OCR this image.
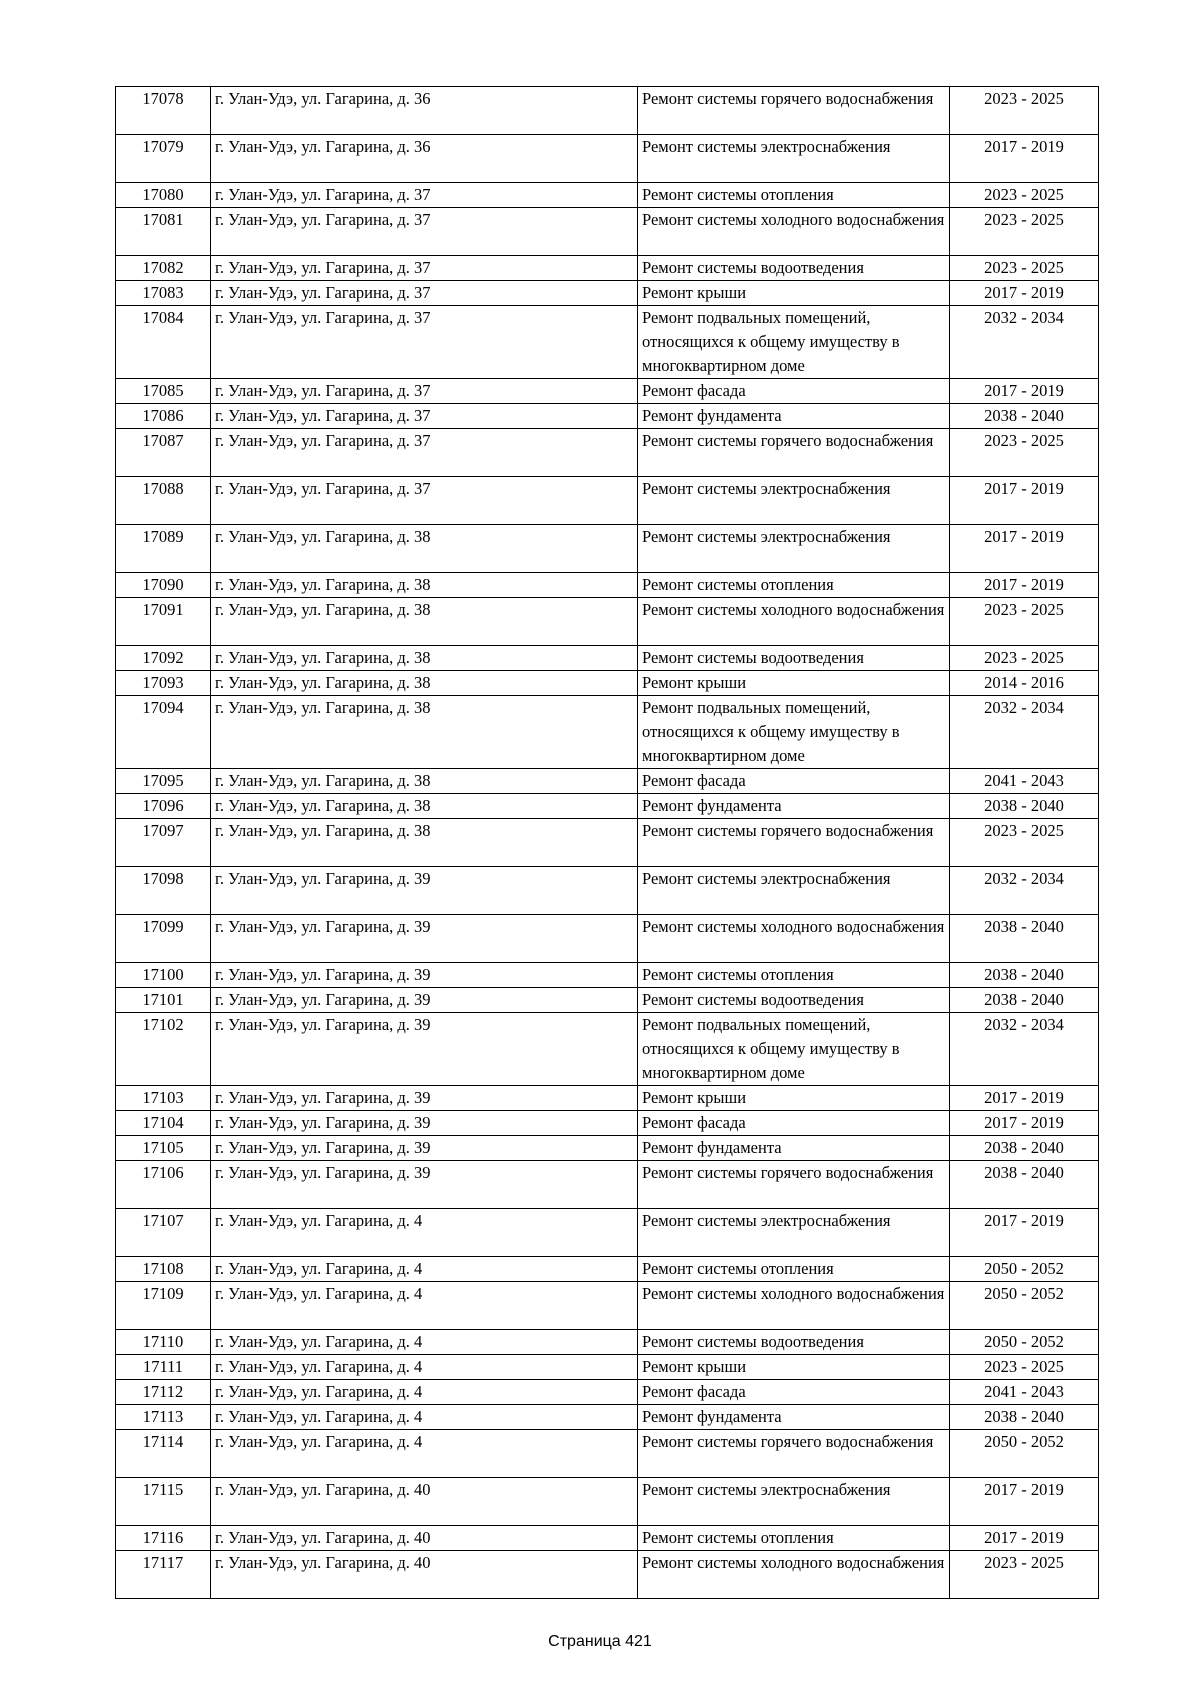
17078	г. Улан-Удэ, ул. Гагарина, д. 36	Ремонт системы горячего водоснабжения	2023 - 2025

17079	г. Улан-Удэ, ул. Гагарина, д. 36	Ремонт системы электроснабжения	2017 - 2019

17080	г. Улан-Удэ, ул. Гагарина, д. 37	Ремонт системы отопления	2023 - 2025

17081	г. Улан-Удэ, ул. Гагарина, д. 37	Ремонт системы холодного водоснабжения	2023 - 2025

17082	г. Улан-Удэ, ул. Гагарина, д. 37	Ремонт системы водоотведения	2023 - 2025

17083	г. Улан-Удэ, ул. Гагарина, д. 37	Ремонт крыши	2017 - 2019

17084	г. Улан-Удэ, ул. Гагарина, д. 37	Ремонт подвальных помещений, относящихся к общему имуществу в многоквартирном доме	2032 - 2034

17085	г. Улан-Удэ, ул. Гагарина, д. 37	Ремонт фасада	2017 - 2019

17086	г. Улан-Удэ, ул. Гагарина, д. 37	Ремонт фундамента	2038 - 2040

17087	г. Улан-Удэ, ул. Гагарина, д. 37	Ремонт системы горячего водоснабжения	2023 - 2025

17088	г. Улан-Удэ, ул. Гагарина, д. 37	Ремонт системы электроснабжения	2017 - 2019

17089	г. Улан-Удэ, ул. Гагарина, д. 38	Ремонт системы электроснабжения	2017 - 2019

17090	г. Улан-Удэ, ул. Гагарина, д. 38	Ремонт системы отопления	2017 - 2019

17091	г. Улан-Удэ, ул. Гагарина, д. 38	Ремонт системы холодного водоснабжения	2023 - 2025

17092	г. Улан-Удэ, ул. Гагарина, д. 38	Ремонт системы водоотведения	2023 - 2025

17093	г. Улан-Удэ, ул. Гагарина, д. 38	Ремонт крыши	2014 - 2016

17094	г. Улан-Удэ, ул. Гагарина, д. 38	Ремонт подвальных помещений, относящихся к общему имуществу в многоквартирном доме	2032 - 2034

17095	г. Улан-Удэ, ул. Гагарина, д. 38	Ремонт фасада	2041 - 2043

17096	г. Улан-Удэ, ул. Гагарина, д. 38	Ремонт фундамента	2038 - 2040

17097	г. Улан-Удэ, ул. Гагарина, д. 38	Ремонт системы горячего водоснабжения	2023 - 2025

17098	г. Улан-Удэ, ул. Гагарина, д. 39	Ремонт системы электроснабжения	2032 - 2034

17099	г. Улан-Удэ, ул. Гагарина, д. 39	Ремонт системы холодного водоснабжения	2038 - 2040

17100	г. Улан-Удэ, ул. Гагарина, д. 39	Ремонт системы отопления	2038 - 2040

17101	г. Улан-Удэ, ул. Гагарина, д. 39	Ремонт системы водоотведения	2038 - 2040

17102	г. Улан-Удэ, ул. Гагарина, д. 39	Ремонт подвальных помещений, относящихся к общему имуществу в многоквартирном доме	2032 - 2034

17103	г. Улан-Удэ, ул. Гагарина, д. 39	Ремонт крыши	2017 - 2019

17104	г. Улан-Удэ, ул. Гагарина, д. 39	Ремонт фасада	2017 - 2019

17105	г. Улан-Удэ, ул. Гагарина, д. 39	Ремонт фундамента	2038 - 2040

17106	г. Улан-Удэ, ул. Гагарина, д. 39	Ремонт системы горячего водоснабжения	2038 - 2040

17107	г. Улан-Удэ, ул. Гагарина, д. 4	Ремонт системы электроснабжения	2017 - 2019

17108	г. Улан-Удэ, ул. Гагарина, д. 4	Ремонт системы отопления	2050 - 2052

17109	г. Улан-Удэ, ул. Гагарина, д. 4	Ремонт системы холодного водоснабжения	2050 - 2052

17110	г. Улан-Удэ, ул. Гагарина, д. 4	Ремонт системы водоотведения	2050 - 2052

17111	г. Улан-Удэ, ул. Гагарина, д. 4	Ремонт крыши	2023 - 2025

17112	г. Улан-Удэ, ул. Гагарина, д. 4	Ремонт фасада	2041 - 2043

17113	г. Улан-Удэ, ул. Гагарина, д. 4	Ремонт фундамента	2038 - 2040

17114	г. Улан-Удэ, ул. Гагарина, д. 4	Ремонт системы горячего водоснабжения	2050 - 2052

17115	г. Улан-Удэ, ул. Гагарина, д. 40	Ремонт системы электроснабжения	2017 - 2019

17116	г. Улан-Удэ, ул. Гагарина, д. 40	Ремонт системы отопления	2017 - 2019

17117	г. Улан-Удэ, ул. Гагарина, д. 40	Ремонт системы холодного водоснабжения	2023 - 2025
Страница 421
